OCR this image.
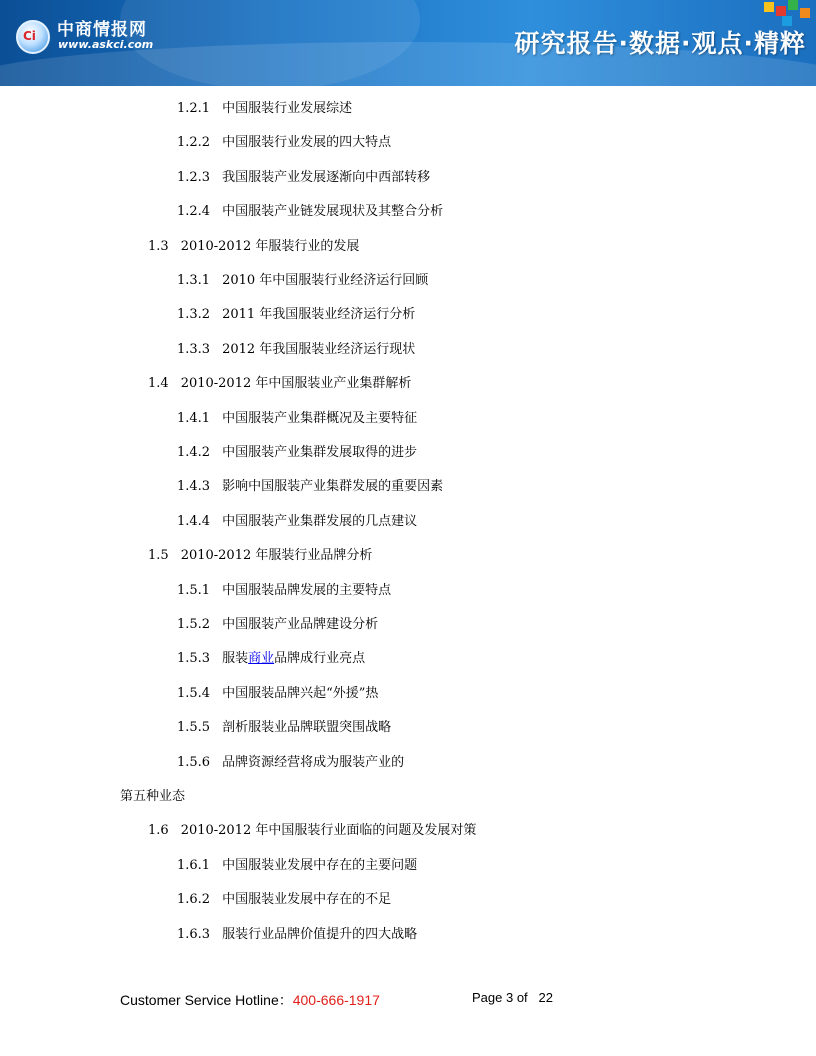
Ci 中商情报网
www.askci.com	研究报告·数据·观点·精粹
1.2.1 中国服装行业发展综述
1.2.2 中国服装行业发展的四大特点
1.2.3 我国服装产业发展逐渐向中西部转移
1.2.4 中国服装产业链发展现状及其整合分析
1.3 2010-2012 年服装行业的发展
1.3.1 2010 年中国服装行业经济运行回顾
1.3.2 2011 年我国服装业经济运行分析
1.3.3 2012 年我国服装业经济运行现状
1.4 2010-2012 年中国服装业产业集群解析
1.4.1 中国服装产业集群概况及主要特征
1.4.2 中国服装产业集群发展取得的进步
1.4.3 影响中国服装产业集群发展的重要因素
1.4.4 中国服装产业集群发展的几点建议
1.5 2010-2012 年服装行业品牌分析
1.5.1 中国服装品牌发展的主要特点
1.5.2 中国服装产业品牌建设分析
1.5.3 服装商业品牌成行业亮点
1.5.4 中国服装品牌兴起“外援”热
1.5.5 剖析服装业品牌联盟突围战略
1.5.6 品牌资源经营将成为服装产业的
第五种业态
1.6 2010-2012 年中国服装行业面临的问题及发展对策
1.6.1 中国服装业发展中存在的主要问题
1.6.2 中国服装业发展中存在的不足
1.6.3 服装行业品牌价值提升的四大战略
Customer Service Hotline：400-666-1917	Page 3 of 22
